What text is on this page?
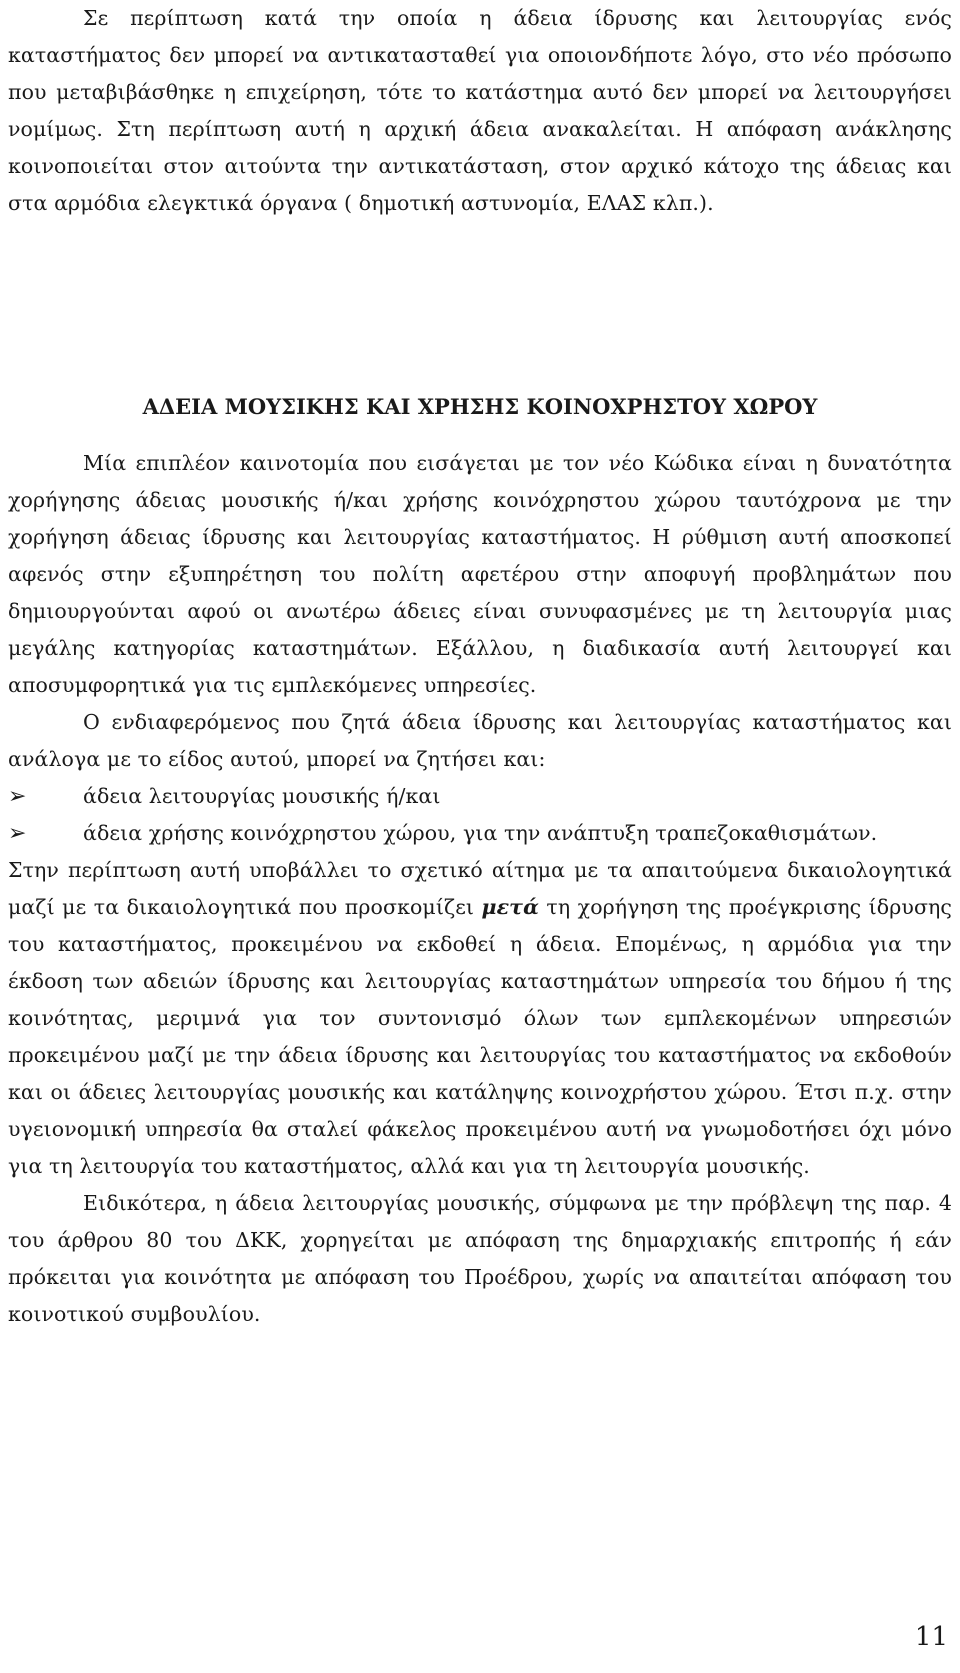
Σε περίπτωση κατά την οποία η άδεια ίδρυσης και λειτουργίας ενός καταστήματος δεν μπορεί να αντικατασταθεί για οποιονδήποτε λόγο, στο νέο πρόσωπο που μεταβιβάσθηκε η επιχείρηση, τότε το κατάστημα αυτό δεν μπορεί να λειτουργήσει νομίμως. Στη περίπτωση αυτή η αρχική άδεια ανακαλείται. Η απόφαση ανάκλησης κοινοποιείται στον αιτούντα την αντικατάσταση, στον αρχικό κάτοχο της άδειας και στα αρμόδια ελεγκτικά όργανα ( δημοτική αστυνομία, ΕΛΑΣ κλπ.).

ΑΔΕΙΑ ΜΟΥΣΙΚΗΣ ΚΑΙ ΧΡΗΣΗΣ ΚΟΙΝΟΧΡΗΣΤΟΥ ΧΩΡΟΥ

Μία επιπλέον καινοτομία που εισάγεται με τον νέο Κώδικα είναι η δυνατότητα χορήγησης άδειας μουσικής ή/και χρήσης κοινόχρηστου χώρου ταυτόχρονα με την χορήγηση άδειας ίδρυσης και λειτουργίας καταστήματος. Η ρύθμιση αυτή αποσκοπεί αφενός στην εξυπηρέτηση του πολίτη αφετέρου στην αποφυγή προβλημάτων που δημιουργούνται αφού οι ανωτέρω άδειες είναι συνυφασμένες με τη λειτουργία μιας μεγάλης κατηγορίας καταστημάτων. Εξάλλου, η διαδικασία αυτή λειτουργεί και αποσυμφορητικά για τις εμπλεκόμενες υπηρεσίες.

Ο ενδιαφερόμενος που ζητά άδεια ίδρυσης και λειτουργίας καταστήματος και ανάλογα με το είδος αυτού, μπορεί να ζητήσει και:

➢	άδεια λειτουργίας μουσικής ή/και
➢	άδεια χρήσης κοινόχρηστου χώρου, για την ανάπτυξη τραπεζοκαθισμάτων.

Στην περίπτωση αυτή υποβάλλει το σχετικό αίτημα με τα απαιτούμενα δικαιολογητικά μαζί με τα δικαιολογητικά που προσκομίζει μετά τη χορήγηση της προέγκρισης ίδρυσης του καταστήματος, προκειμένου να εκδοθεί η άδεια. Επομένως, η αρμόδια για την έκδοση των αδειών ίδρυσης και λειτουργίας καταστημάτων υπηρεσία του δήμου ή της κοινότητας, μεριμνά για τον συντονισμό όλων των εμπλεκομένων υπηρεσιών προκειμένου μαζί με την άδεια ίδρυσης και λειτουργίας του καταστήματος να εκδοθούν και οι άδειες λειτουργίας μουσικής και κατάληψης κοινοχρήστου χώρου. Έτσι π.χ. στην υγειονομική υπηρεσία θα σταλεί φάκελος προκειμένου αυτή να γνωμοδοτήσει όχι μόνο για τη λειτουργία του καταστήματος, αλλά και για τη λειτουργία μουσικής.

Ειδικότερα, η άδεια λειτουργίας μουσικής, σύμφωνα με την πρόβλεψη της παρ. 4 του άρθρου 80 του ΔΚΚ, χορηγείται με απόφαση της δημαρχιακής επιτροπής ή εάν πρόκειται για κοινότητα με απόφαση του Προέδρου, χωρίς να απαιτείται απόφαση του κοινοτικού συμβουλίου.

11
